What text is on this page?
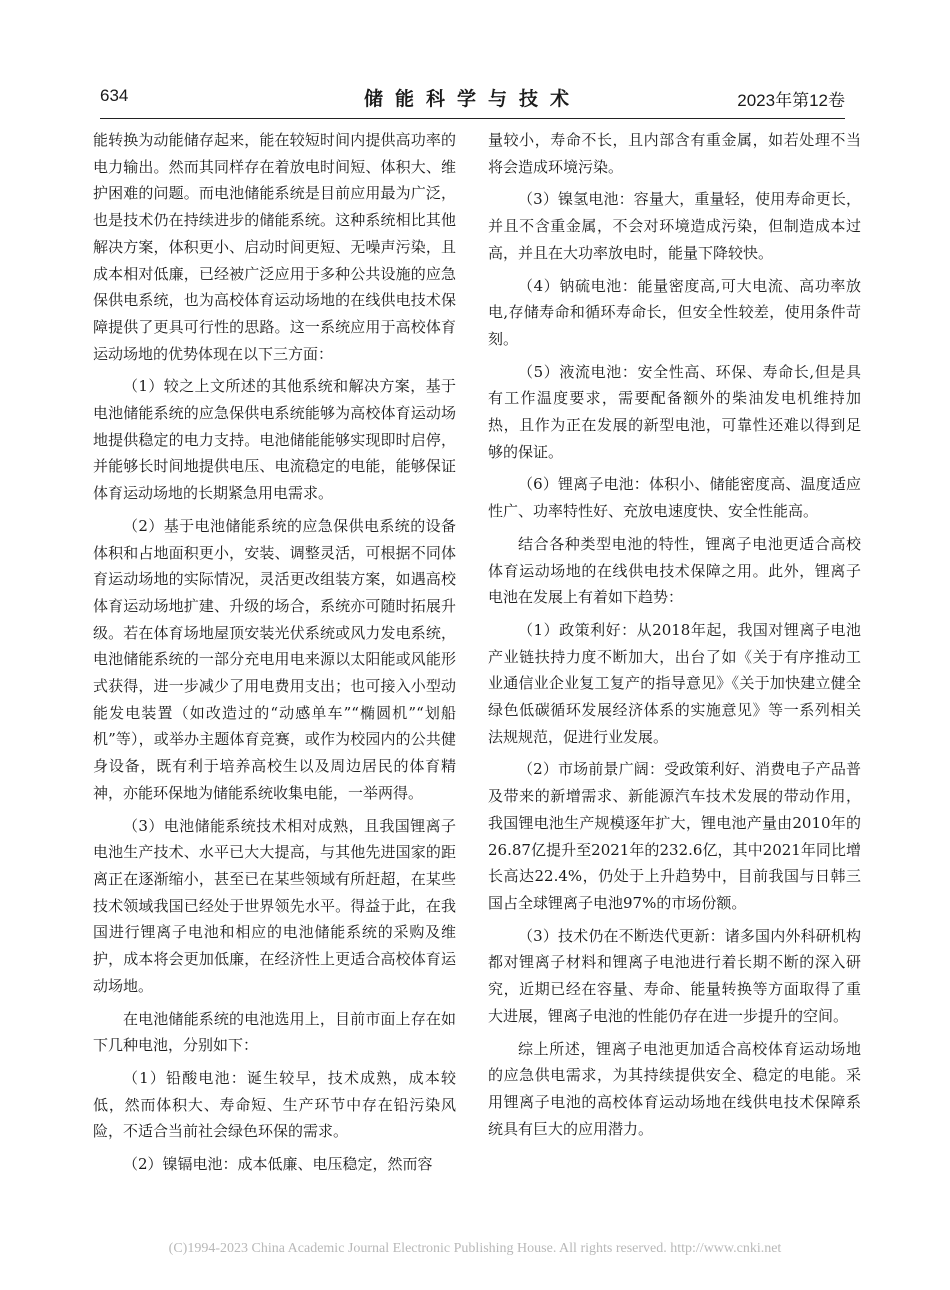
634	储能科学与技术	2023年第12卷

能转换为动能储存起来，能在较短时间内提供高功率的电力输出。然而其同样存在着放电时间短、体积大、维护困难的问题。而电池储能系统是目前应用最为广泛，也是技术仍在持续进步的储能系统。这种系统相比其他解决方案，体积更小、启动时间更短、无噪声污染，且成本相对低廉，已经被广泛应用于多种公共设施的应急保供电系统，也为高校体育运动场地的在线供电技术保障提供了更具可行性的思路。这一系统应用于高校体育运动场地的优势体现在以下三方面：

（1）较之上文所述的其他系统和解决方案，基于电池储能系统的应急保供电系统能够为高校体育运动场地提供稳定的电力支持。电池储能能够实现即时启停，并能够长时间地提供电压、电流稳定的电能，能够保证体育运动场地的长期紧急用电需求。

（2）基于电池储能系统的应急保供电系统的设备体积和占地面积更小，安装、调整灵活，可根据不同体育运动场地的实际情况，灵活更改组装方案，如遇高校体育运动场地扩建、升级的场合，系统亦可随时拓展升级。若在体育场地屋顶安装光伏系统或风力发电系统，电池储能系统的一部分充电用电来源以太阳能或风能形式获得，进一步减少了用电费用支出；也可接入小型动能发电装置（如改造过的“动感单车”“椭圆机”“划船机”等），或举办主题体育竞赛，或作为校园内的公共健身设备，既有利于培养高校生以及周边居民的体育精神，亦能环保地为储能系统收集电能，一举两得。

（3）电池储能系统技术相对成熟，且我国锂离子电池生产技术、水平已大大提高，与其他先进国家的距离正在逐渐缩小，甚至已在某些领域有所赶超，在某些技术领域我国已经处于世界领先水平。得益于此，在我国进行锂离子电池和相应的电池储能系统的采购及维护，成本将会更加低廉，在经济性上更适合高校体育运动场地。

在电池储能系统的电池选用上，目前市面上存在如下几种电池，分别如下：

（1）铅酸电池：诞生较早，技术成熟，成本较低，然而体积大、寿命短、生产环节中存在铅污染风险，不适合当前社会绿色环保的需求。

（2）镍镉电池：成本低廉、电压稳定，然而容

量较小，寿命不长，且内部含有重金属，如若处理不当将会造成环境污染。

（3）镍氢电池：容量大，重量轻，使用寿命更长，并且不含重金属，不会对环境造成污染，但制造成本过高，并且在大功率放电时，能量下降较快。

（4）钠硫电池：能量密度高,可大电流、高功率放电,存储寿命和循环寿命长，但安全性较差，使用条件苛刻。

（5）液流电池：安全性高、环保、寿命长,但是具有工作温度要求，需要配备额外的柴油发电机维持加热，且作为正在发展的新型电池，可靠性还难以得到足够的保证。

（6）锂离子电池：体积小、储能密度高、温度适应性广、功率特性好、充放电速度快、安全性能高。

结合各种类型电池的特性，锂离子电池更适合高校体育运动场地的在线供电技术保障之用。此外，锂离子电池在发展上有着如下趋势：

（1）政策利好：从2018年起，我国对锂离子电池产业链扶持力度不断加大，出台了如《关于有序推动工业通信业企业复工复产的指导意见》《关于加快建立健全绿色低碳循环发展经济体系的实施意见》等一系列相关法规规范，促进行业发展。

（2）市场前景广阔：受政策利好、消费电子产品普及带来的新增需求、新能源汽车技术发展的带动作用，我国锂电池生产规模逐年扩大，锂电池产量由2010年的26.87亿提升至2021年的232.6亿，其中2021年同比增长高达22.4%，仍处于上升趋势中，目前我国与日韩三国占全球锂离子电池97%的市场份额。

（3）技术仍在不断迭代更新：诸多国内外科研机构都对锂离子材料和锂离子电池进行着长期不断的深入研究，近期已经在容量、寿命、能量转换等方面取得了重大进展，锂离子电池的性能仍存在进一步提升的空间。

综上所述，锂离子电池更加适合高校体育运动场地的应急供电需求，为其持续提供安全、稳定的电能。采用锂离子电池的高校体育运动场地在线供电技术保障系统具有巨大的应用潜力。

(C)1994-2023 China Academic Journal Electronic Publishing House. All rights reserved. http://www.cnki.net
